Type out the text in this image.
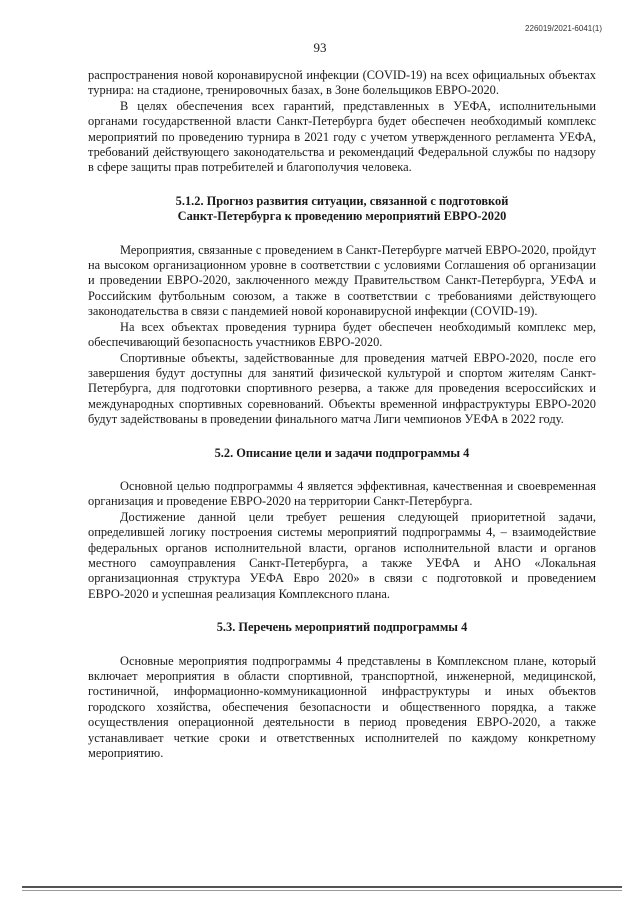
226019/2021-6041(1)
93

распространения новой коронавирусной инфекции (COVID-19) на всех официальных объектах турнира: на стадионе, тренировочных базах, в Зоне болельщиков ЕВРО-2020.

В целях обеспечения всех гарантий, представленных в УЕФА, исполнительными органами государственной власти Санкт-Петербурга будет обеспечен необходимый комплекс мероприятий по проведению турнира в 2021 году с учетом утвержденного регламента УЕФА, требований действующего законодательства и рекомендаций Федеральной службы по надзору в сфере защиты прав потребителей и благополучия человека.

5.1.2. Прогноз развития ситуации, связанной с подготовкой

Санкт-Петербурга к проведению мероприятий ЕВРО-2020

Мероприятия, связанные с проведением в Санкт-Петербурге матчей ЕВРО-2020, пройдут на высоком организационном уровне в соответствии с условиями Соглашения об организации и проведении ЕВРО-2020, заключенного между Правительством Санкт-Петербурга, УЕФА и Российским футбольным союзом, а также в соответствии с требованиями действующего законодательства в связи с пандемией новой коронавирусной инфекции (COVID-19).

На всех объектах проведения турнира будет обеспечен необходимый комплекс мер, обеспечивающий безопасность участников ЕВРО-2020.

Спортивные объекты, задействованные для проведения матчей ЕВРО-2020, после его завершения будут доступны для занятий физической культурой и спортом жителям Санкт-Петербурга, для подготовки спортивного резерва, а также для проведения всероссийских и международных спортивных соревнований. Объекты временной инфраструктуры ЕВРО-2020 будут задействованы в проведении финального матча Лиги чемпионов УЕФА в 2022 году.

5.2. Описание цели и задачи подпрограммы 4

Основной целью подпрограммы 4 является эффективная, качественная и своевременная организация и проведение ЕВРО-2020 на территории Санкт-Петербурга.

Достижение данной цели требует решения следующей приоритетной задачи, определившей логику построения системы мероприятий подпрограммы 4, – взаимодействие федеральных органов исполнительной власти, органов исполнительной власти и органов местного самоуправления Санкт-Петербурга, а также УЕФА и АНО «Локальная организационная структура УЕФА Евро 2020» в связи с подготовкой и проведением ЕВРО-2020 и успешная реализация Комплексного плана.

5.3. Перечень мероприятий подпрограммы 4

Основные мероприятия подпрограммы 4 представлены в Комплексном плане, который включает мероприятия в области спортивной, транспортной, инженерной, медицинской, гостиничной, информационно-коммуникационной инфраструктуры и иных объектов городского хозяйства, обеспечения безопасности и общественного порядка, а также осуществления операционной деятельности в период проведения ЕВРО-2020, а также устанавливает четкие сроки и ответственных исполнителей по каждому конкретному мероприятию.
